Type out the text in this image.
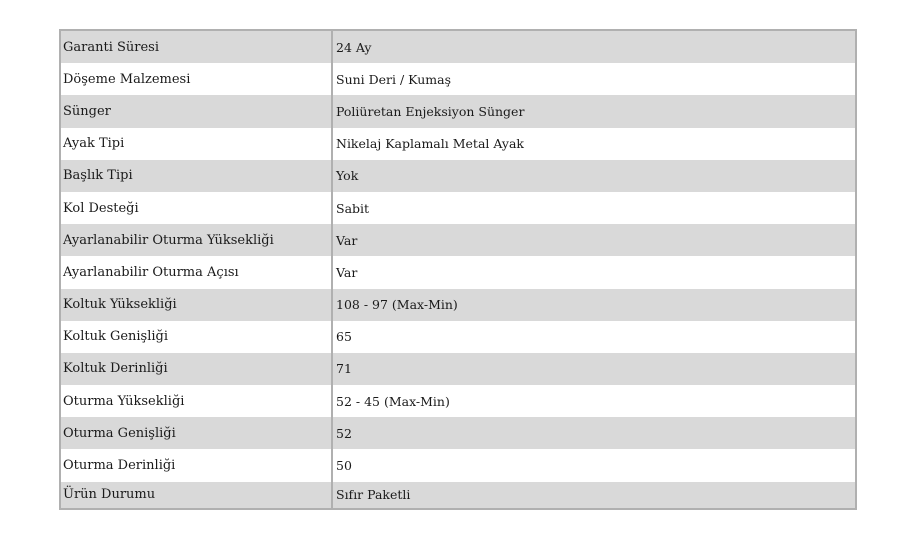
Garanti Süresi	24 Ay
Döşeme Malzemesi	Suni Deri / Kumaş
Sünger	Poliüretan Enjeksiyon Sünger
Ayak Tipi	Nikelaj Kaplamalı Metal Ayak
Başlık Tipi	Yok
Kol Desteği	Sabit
Ayarlanabilir Oturma Yüksekliği	Var
Ayarlanabilir Oturma Açısı	Var
Koltuk Yüksekliği	108 - 97 (Max-Min)
Koltuk Genişliği	65
Koltuk Derinliği	71
Oturma Yüksekliği	52 - 45 (Max-Min)
Oturma Genişliği	52
Oturma Derinliği	50
Ürün Durumu	Sıfır Paketli
